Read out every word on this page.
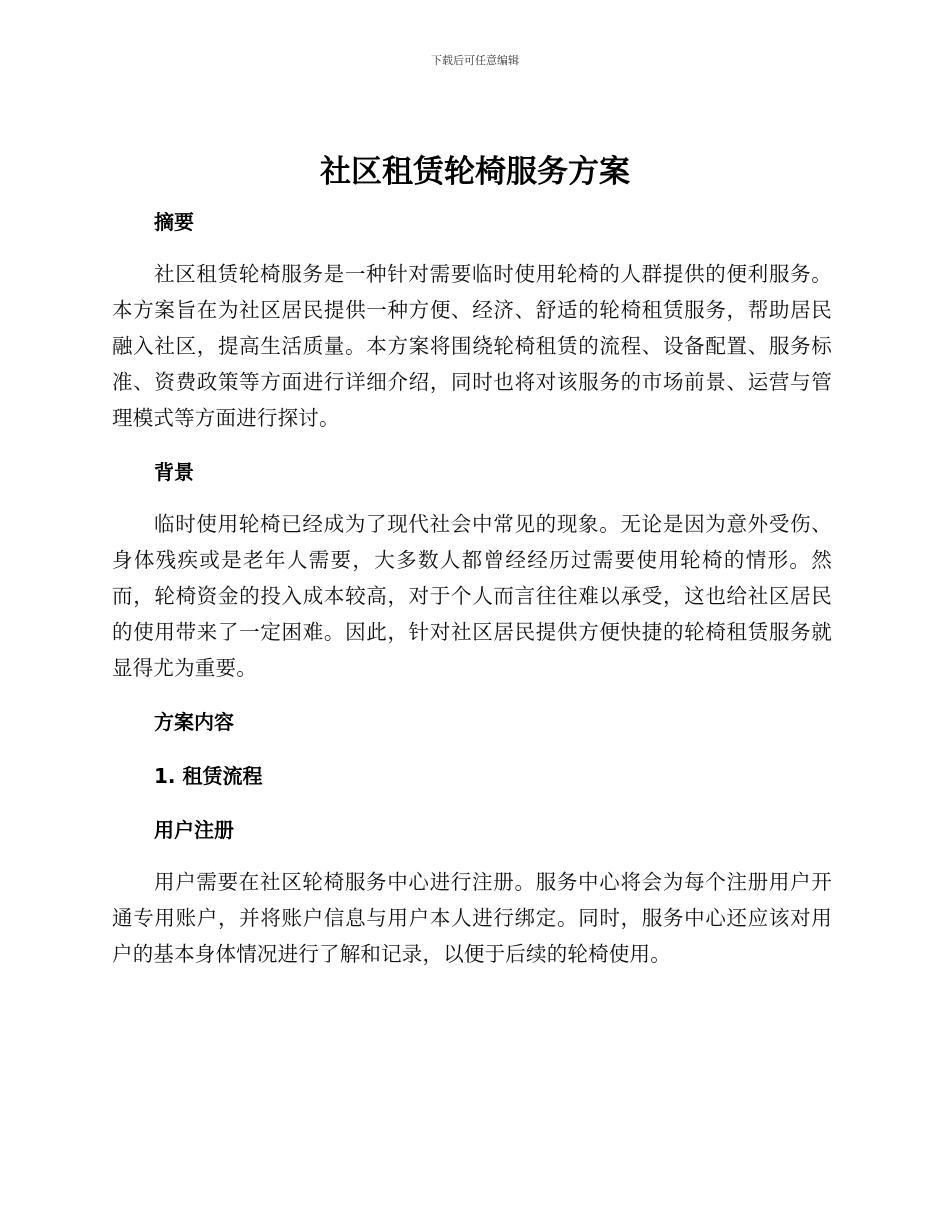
下载后可任意编辑
社区租赁轮椅服务方案

摘要

社区租赁轮椅服务是一种针对需要临时使用轮椅的人群提供的便利服务。本方案旨在为社区居民提供一种方便、经济、舒适的轮椅租赁服务，帮助居民融入社区，提高生活质量。本方案将围绕轮椅租赁的流程、设备配置、服务标准、资费政策等方面进行详细介绍，同时也将对该服务的市场前景、运营与管理模式等方面进行探讨。

背景

临时使用轮椅已经成为了现代社会中常见的现象。无论是因为意外受伤、身体残疾或是老年人需要，大多数人都曾经经历过需要使用轮椅的情形。然而，轮椅资金的投入成本较高，对于个人而言往往难以承受，这也给社区居民的使用带来了一定困难。因此，针对社区居民提供方便快捷的轮椅租赁服务就显得尤为重要。

方案内容

1. 租赁流程

用户注册

用户需要在社区轮椅服务中心进行注册。服务中心将会为每个注册用户开通专用账户，并将账户信息与用户本人进行绑定。同时，服务中心还应该对用户的基本身体情况进行了解和记录，以便于后续的轮椅使用。
